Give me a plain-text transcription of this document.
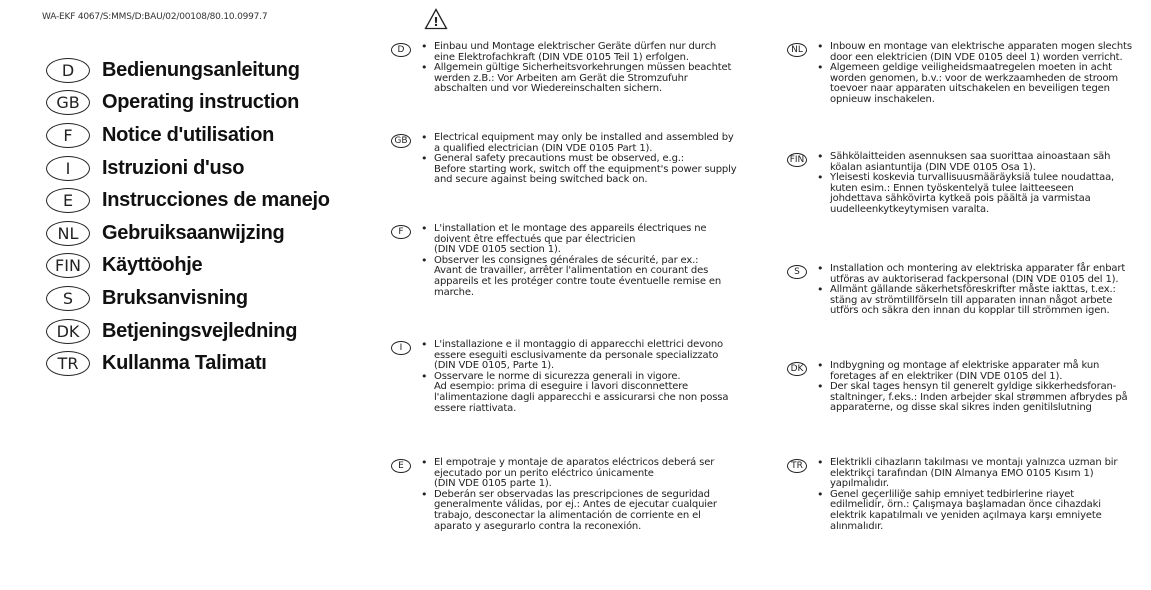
WA-EKF 4067/S:MMS/D:BAU/02/00108/80.10.0997.7
D	Bedienungsanleitung
GB	Operating instruction
F	Notice d'utilisation
I	Istruzioni d'uso
E	Instrucciones de manejo
NL	Gebruiksaanwijzing
FIN	Käyttöohje
S	Bruksanvisning
DK	Betjeningsvejledning
TR	Kullanma Talimatı
!
D	• Einbau und Montage elektrischer Geräte dürfen nur durch
eine Elektrofachkraft (DIN VDE 0105 Teil 1) erfolgen.
• Allgemein gültige Sicherheitsvorkehrungen müssen beachtet
werden z.B.: Vor Arbeiten am Gerät die Stromzufuhr
abschalten und vor Wiedereinschalten sichern.
GB	• Electrical equipment may only be installed and assembled by
a qualified electrician (DIN VDE 0105 Part 1).
• General safety precautions must be observed, e.g.:
Before starting work, switch off the equipment's power supply
and secure against being switched back on.
F	• L'installation et le montage des appareils électriques ne
doivent être effectués que par électricien
(DIN VDE 0105 section 1).
• Observer les consignes générales de sécurité, par ex.:
Avant de travailler, arrêter l'alimentation en courant des
appareils et les protéger contre toute éventuelle remise en
marche.
I	• L'installazione e il montaggio di apparecchi elettrici devono
essere eseguiti esclusivamente da personale specializzato
(DIN VDE 0105, Parte 1).
• Osservare le norme di sicurezza generali in vigore.
Ad esempio: prima di eseguire i lavori disconnettere
l'alimentazione dagli apparecchi e assicurarsi che non possa
essere riattivata.
E	• El empotraje y montaje de aparatos eléctricos deberá ser
ejecutado por un perito eléctrico únicamente
(DIN VDE 0105 parte 1).
• Deberán ser observadas las prescripciones de seguridad
generalmente válidas, por ej.: Antes de ejecutar cualquier
trabajo, desconectar la alimentación de corriente en el
aparato y asegurarlo contra la reconexión.
NL	• Inbouw en montage van elektrische apparaten mogen slechts
door een elektricien (DIN VDE 0105 deel 1) worden verricht.
• Algemeen geldige veiligheidsmaatregelen moeten in acht
worden genomen, b.v.: voor de werkzaamheden de stroom
toevoer naar apparaten uitschakelen en beveiligen tegen
opnieuw inschakelen.
FIN	• Sähkölaitteiden asennuksen saa suorittaa ainoastaan säh
köalan asiantuntija (DIN VDE 0105 Osa 1).
• Yleisesti koskevia turvallisuusmääräyksiä tulee noudattaa,
kuten esim.: Ennen työskentelyä tulee laitteeseen
johdettava sähkövirta kytkeä pois päältä ja varmistaa
uudelleenkytkeytymisen varalta.
S	• Installation och montering av elektriska apparater får enbart
utföras av auktoriserad fackpersonal (DIN VDE 0105 del 1).
• Allmänt gällande säkerhetsföreskrifter måste iakttas, t.ex.:
stäng av strömtillförseln till apparaten innan något arbete
utförs och säkra den innan du kopplar till strömmen igen.
DK	• Indbygning og montage af elektriske apparater må kun
foretages af en elektriker (DIN VDE 0105 del 1).
• Der skal tages hensyn til generelt gyldige sikkerhedsforan-
staltninger, f.eks.: Inden arbejder skal strømmen afbrydes på
apparaterne, og disse skal sikres inden genitilslutning
TR	• Elektrikli cihazların takılması ve montajı yalnızca uzman bir
elektrikçi tarafından (DIN Almanya EMO 0105 Kısım 1)
yapılmalıdır.
• Genel geçerliliğe sahip emniyet tedbirlerine riayet
edilmelidir, örn.: Çalışmaya başlamadan önce cihazdaki
elektrik kapatılmalı ve yeniden açılmaya karşı emniyete
alınmalıdır.
